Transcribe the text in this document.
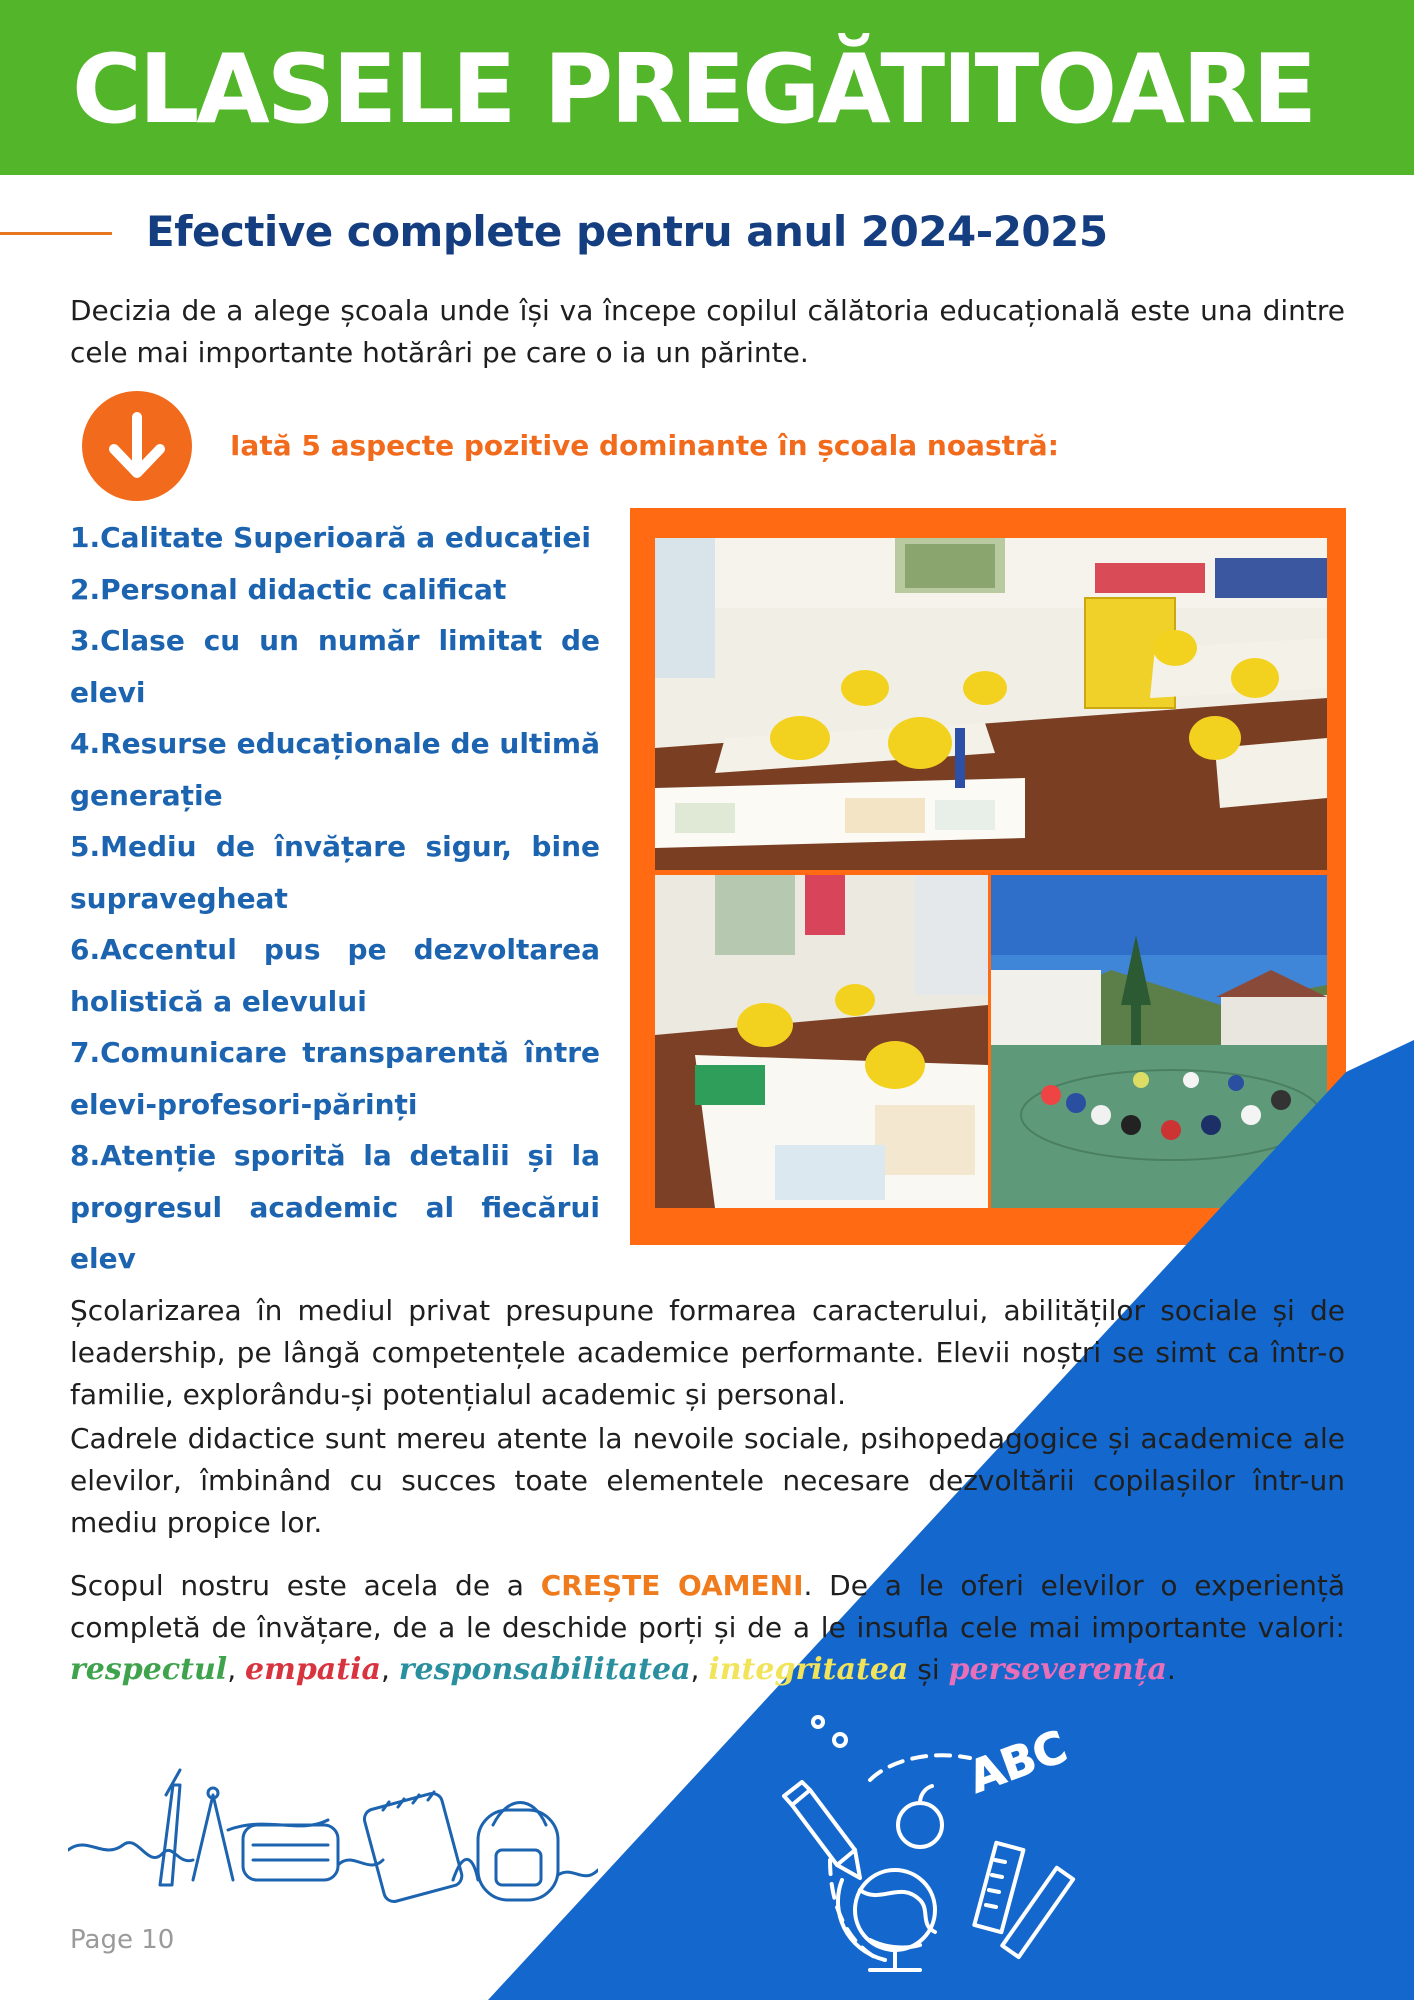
CLASELE PREGĂTITOARE
Efective complete pentru anul 2024-2025
Decizia de a alege școala unde își va începe copilul călătoria educațională este una dintre cele mai importante hotărâri pe care o ia un părinte.
Iată 5 aspecte pozitive dominante în școala noastră:
1.Calitate Superioară a educației
2.Personal didactic calificat
3.Clase cu un număr limitat de elevi
4.Resurse educaționale de ultimă generație
5.Mediu de învățare sigur, bine supravegheat
6.Accentul pus pe dezvoltarea holistică a elevului
7.Comunicare transparentă între elevi-profesori-părinți
8.Atenție sporită la detalii și la progresul academic al fiecărui elev
Școlarizarea în mediul privat presupune formarea caracterului, abilităților sociale și de leadership, pe lângă competențele academice performante. Elevii noștri se simt ca într-o familie, explorându-și potențialul academic și personal.
Cadrele didactice sunt mereu atente la nevoile sociale, psihopedagogice și academice ale elevilor, îmbinând cu succes toate elementele necesare dezvoltării copilașilor într-un mediu propice lor.
Scopul nostru este acela de a CREȘTE OAMENI. De a le oferi elevilor o experiență completă de învățare, de a le deschide porți și de a le insufla cele mai importante valori: respectul, empatia, responsabilitatea, integritatea și perseverența.
ABC
Page 10
